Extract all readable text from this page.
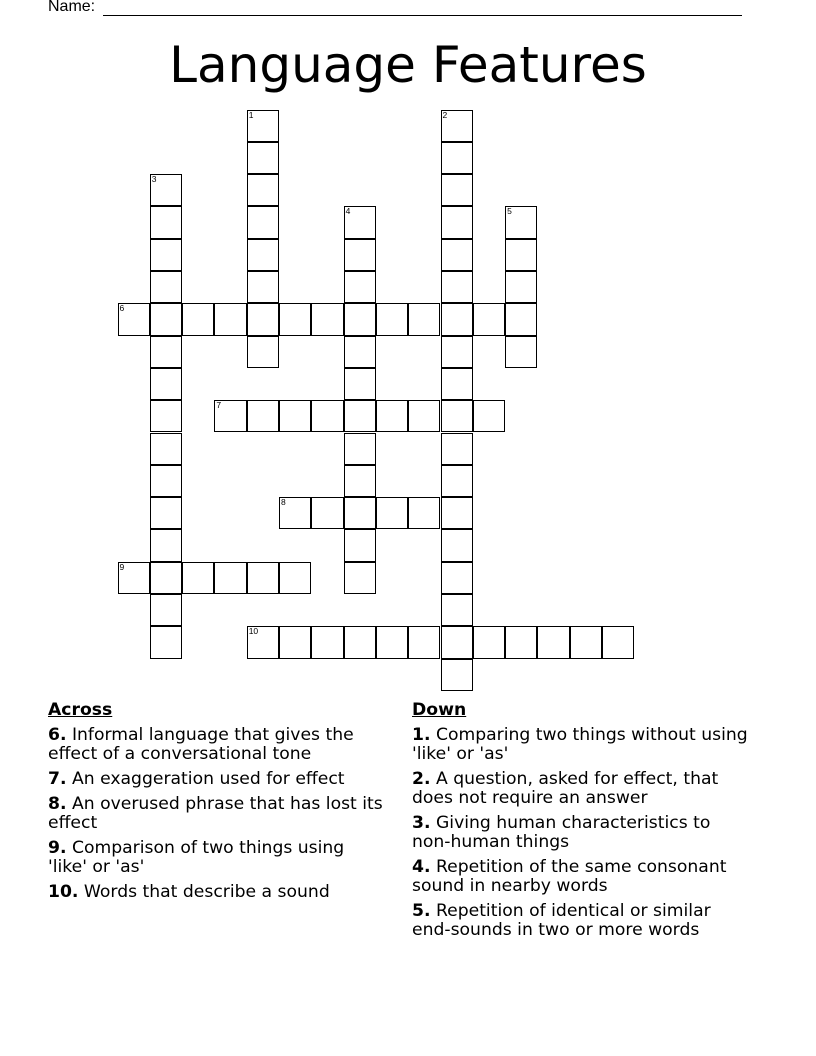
Name:
Language Features
1	2
3
4	5
6
7
8
9
10
Across
6. Informal language that gives the effect of a conversational tone
7. An exaggeration used for effect
8. An overused phrase that has lost its effect
9. Comparison of two things using 'like' or 'as'
10. Words that describe a sound
Down
1. Comparing two things without using 'like' or 'as'
2. A question, asked for effect, that does not require an answer
3. Giving human characteristics to non-human things
4. Repetition of the same consonant sound in nearby words
5. Repetition of identical or similar end-sounds in two or more words
